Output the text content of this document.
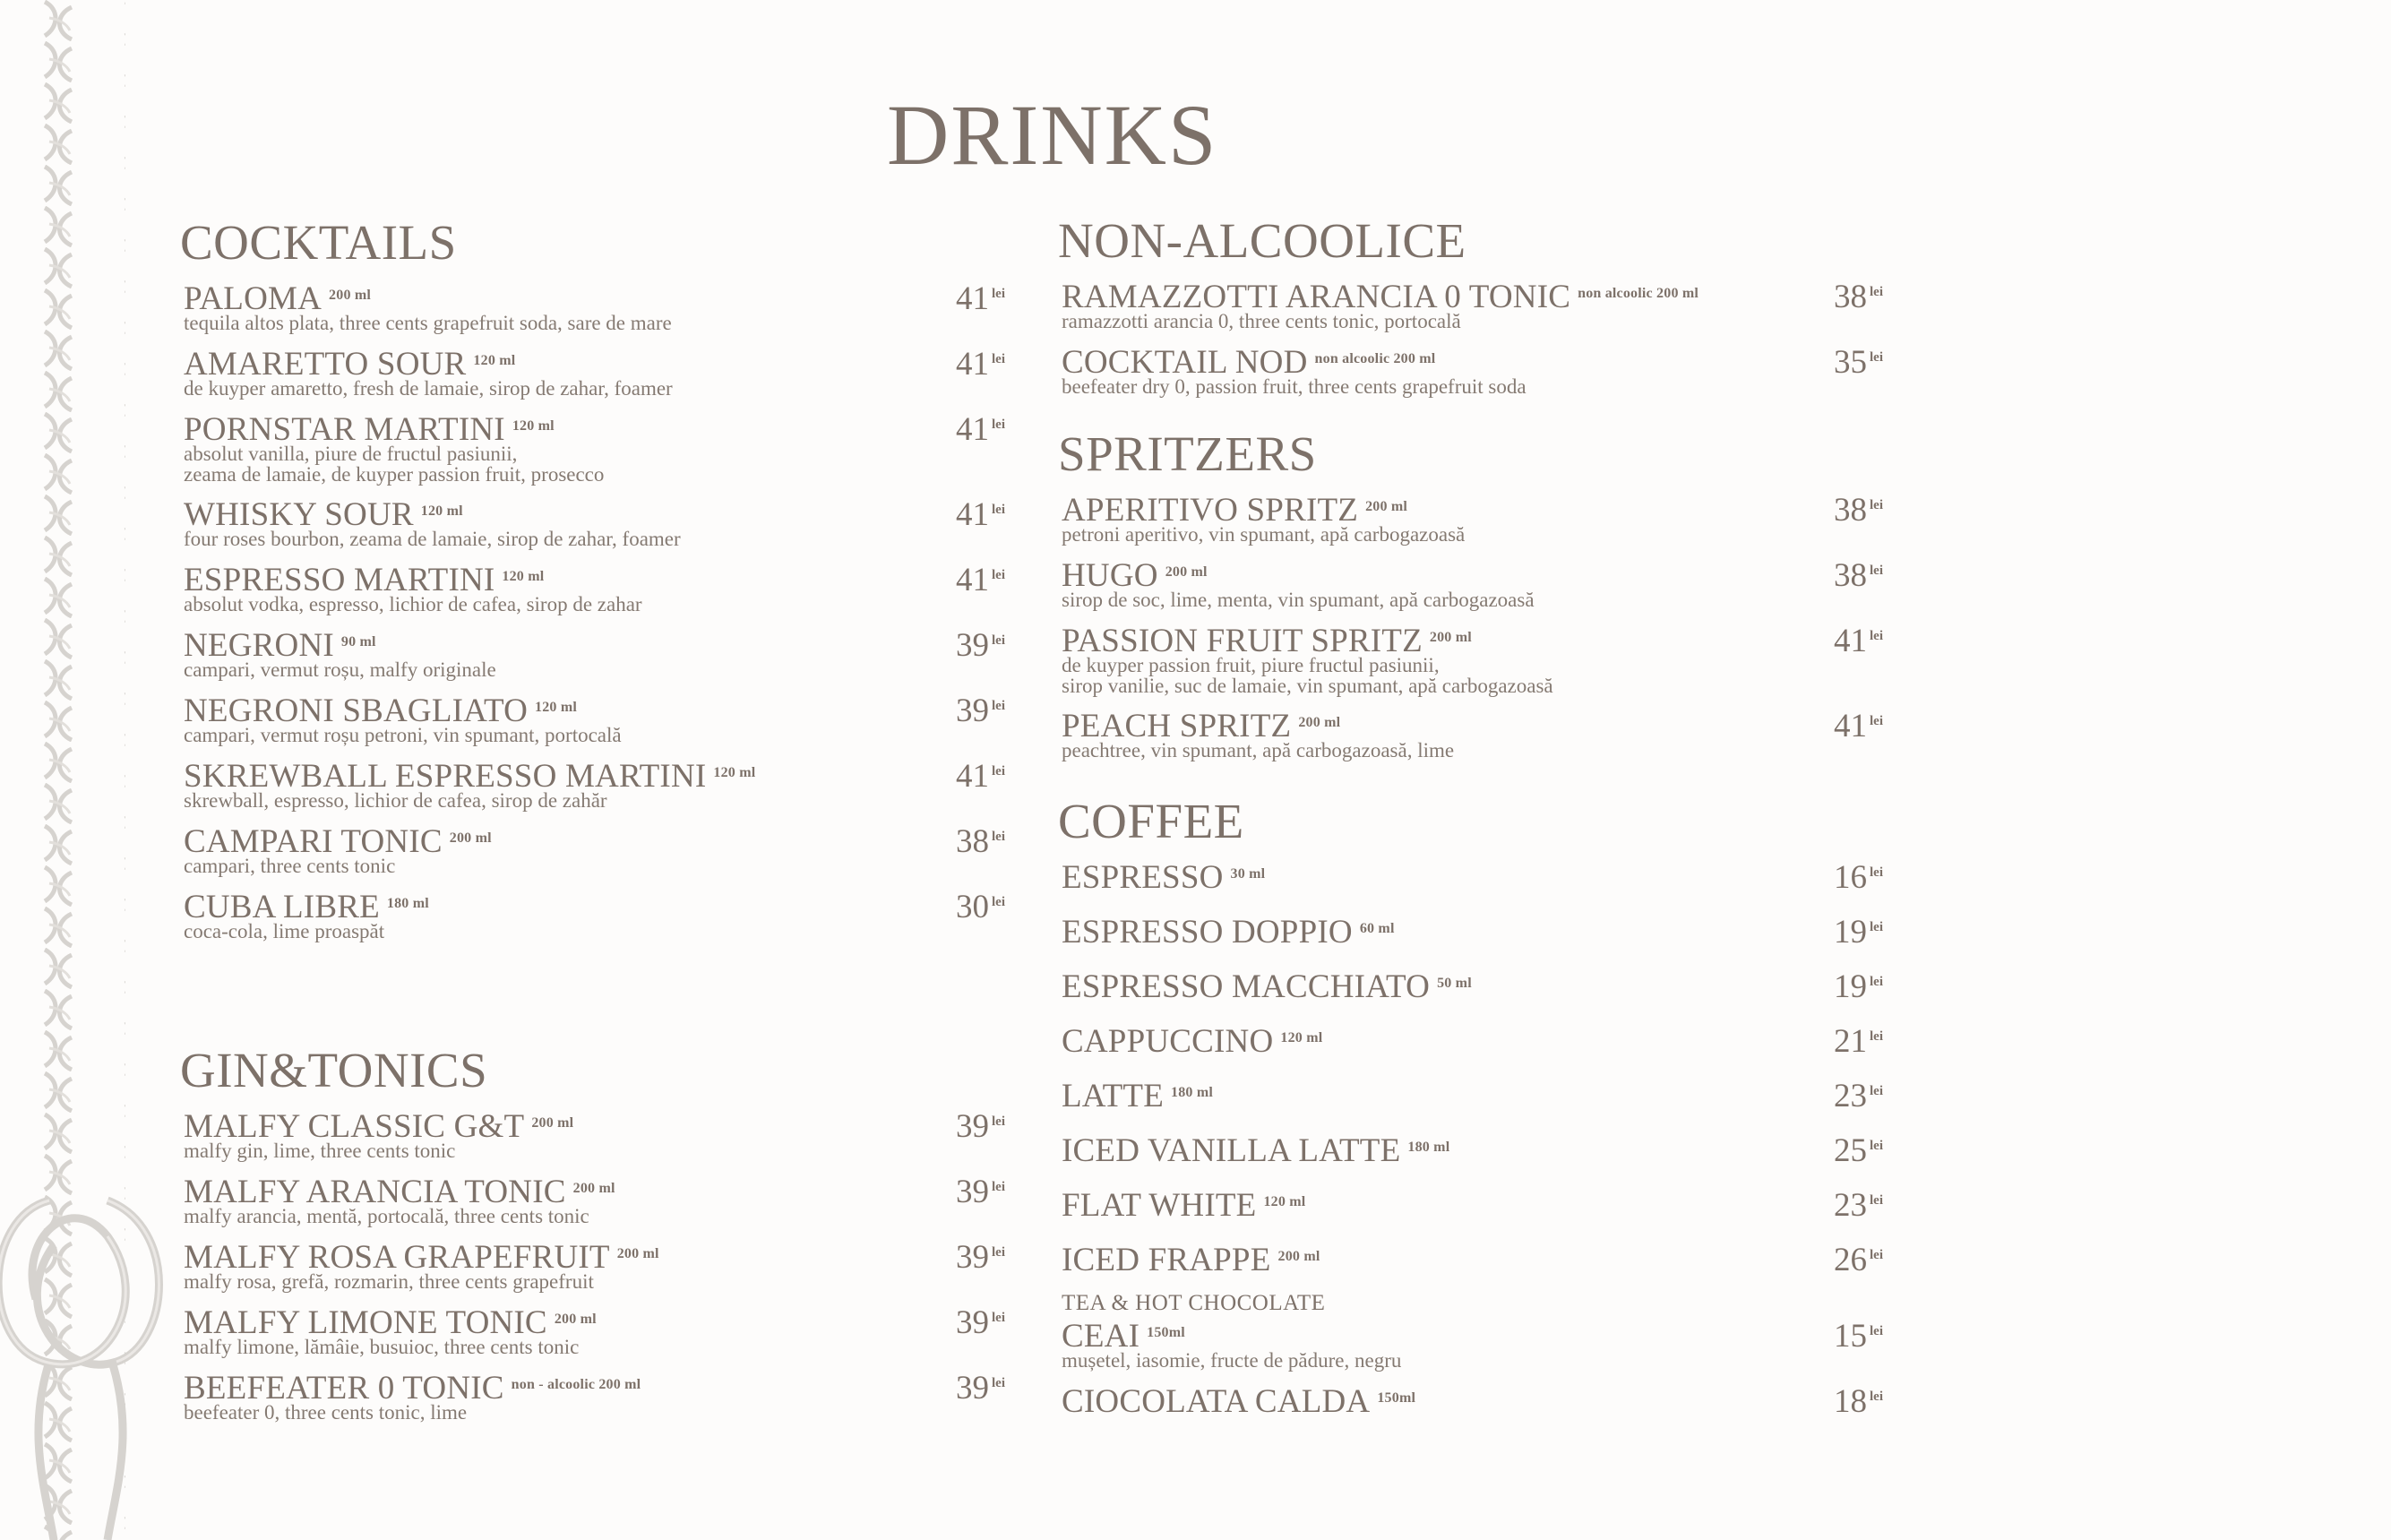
DRINKS
COCKTAILS
PALOMA $^{200 ml}$
tequila altos plata, three cents grapefruit soda, sare de mare
41 $^{lei}$
AMARETTO SOUR $^{120 ml}$
de kuyper amaretto, fresh de lamaie, sirop de zahar, foamer
41 $^{lei}$
PORNSTAR MARTINI $^{120 ml}$
absolut vanilla, piure de fructul pasiunii,
zeama de lamaie, de kuyper passion fruit, prosecco
41 $^{lei}$
WHISKY SOUR $^{120 ml}$
four roses bourbon, zeama de lamaie, sirop de zahar, foamer
41 $^{lei}$
ESPRESSO MARTINI $^{120 ml}$
absolut vodka, espresso, lichior de cafea, sirop de zahar
41 $^{lei}$
NEGRONI $^{90 ml}$
campari, vermut roșu, malfy originale
39 $^{lei}$
NEGRONI SBAGLIATO $^{120 ml}$
campari, vermut roșu petroni, vin spumant, portocală
39 $^{lei}$
SKREWBALL ESPRESSO MARTINI $^{120 ml}$
skrewball, espresso, lichior de cafea, sirop de zahăr
41 $^{lei}$
CAMPARI TONIC $^{200 ml}$
campari, three cents tonic
38 $^{lei}$
CUBA LIBRE $^{180 ml}$
coca-cola, lime proaspăt
30 $^{lei}$
GIN&TONICS
MALFY CLASSIC G&T $^{200 ml}$
malfy gin, lime, three cents tonic
39 $^{lei}$
MALFY ARANCIA TONIC $^{200 ml}$
malfy arancia, mentă, portocală, three cents tonic
39 $^{lei}$
MALFY ROSA GRAPEFRUIT $^{200 ml}$
malfy rosa, grefă, rozmarin, three cents grapefruit
39 $^{lei}$
MALFY LIMONE TONIC $^{200 ml}$
malfy limone, lămâie, busuioc, three cents tonic
39 $^{lei}$
BEEFEATER 0 TONIC $^{non - alcoolic 200 ml}$
beefeater 0, three cents tonic, lime
39 $^{lei}$
NON-ALCOOLICE
RAMAZZOTTI ARANCIA 0 TONIC $^{non alcoolic 200 ml}$
ramazzotti arancia 0, three cents tonic, portocală
38 $^{lei}$
COCKTAIL NOD $^{non alcoolic 200 ml}$
beefeater dry 0, passion fruit, three cents grapefruit soda
35 $^{lei}$
SPRITZERS
APERITIVO SPRITZ $^{200 ml}$
petroni aperitivo, vin spumant, apă carbogazoasă
38 $^{lei}$
HUGO $^{200 ml}$
sirop de soc, lime, menta, vin spumant, apă carbogazoasă
38 $^{lei}$
PASSION FRUIT SPRITZ $^{200 ml}$
de kuyper passion fruit, piure fructul pasiunii,
sirop vanilie, suc de lamaie, vin spumant, apă carbogazoasă
41 $^{lei}$
PEACH SPRITZ $^{200 ml}$
peachtree, vin spumant, apă carbogazoasă, lime
41 $^{lei}$
COFFEE
ESPRESSO $^{30 ml}$	16 $^{lei}$
ESPRESSO DOPPIO $^{60 ml}$	19 $^{lei}$
ESPRESSO MACCHIATO $^{50 ml}$	19 $^{lei}$
CAPPUCCINO $^{120 ml}$	21 $^{lei}$
LATTE $^{180 ml}$	23 $^{lei}$
ICED VANILLA LATTE $^{180 ml}$	25 $^{lei}$
FLAT WHITE $^{120 ml}$	23 $^{lei}$
ICED FRAPPE $^{200 ml}$	26 $^{lei}$
TEA & HOT CHOCOLATE
CEAI $^{150ml}$
mușetel, iasomie, fructe de pădure, negru
15 $^{lei}$
CIOCOLATA CALDA $^{150ml}$	18 $^{lei}$
